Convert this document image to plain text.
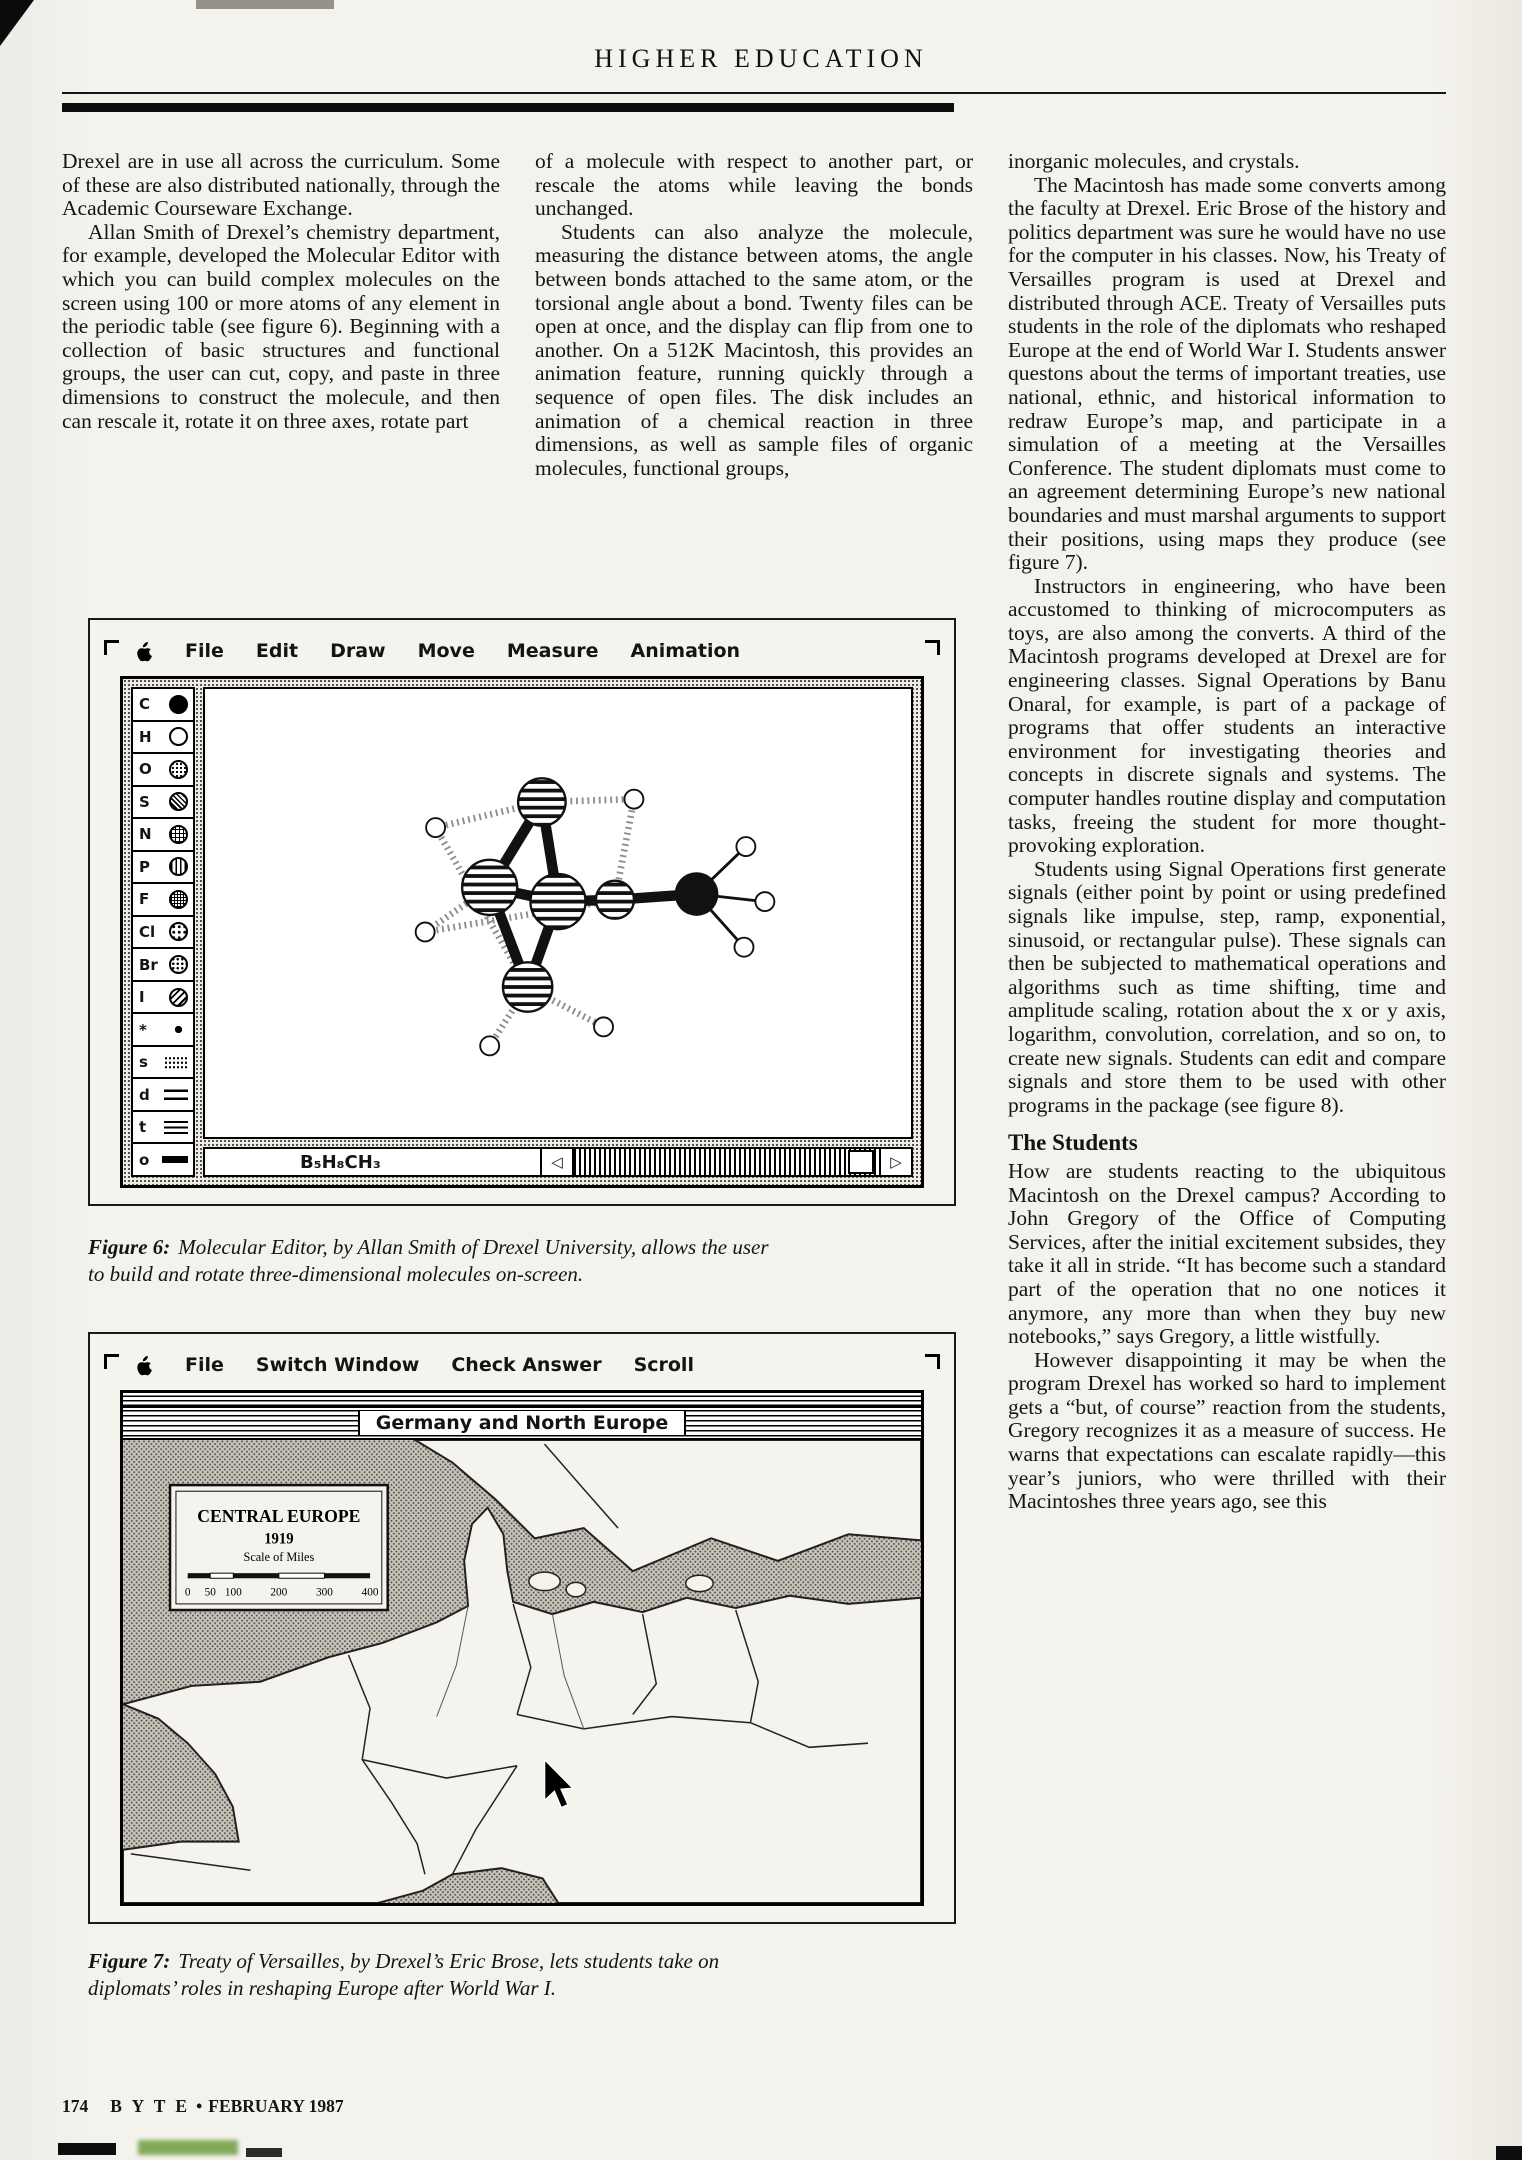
HIGHER EDUCATION

Drexel are in use all across the curriculum. Some of these are also distributed nationally, through the Academic Courseware Exchange.

Allan Smith of Drexel’s chemistry department, for example, developed the Molecular Editor with which you can build complex molecules on the screen using 100 or more atoms of any element in the periodic table (see figure 6). Beginning with a collection of basic structures and functional groups, the user can cut, copy, and paste in three dimensions to construct the molecule, and then can rescale it, rotate it on three axes, rotate part

of a molecule with respect to another part, or rescale the atoms while leaving the bonds unchanged.

Students can also analyze the molecule, measuring the distance between atoms, the angle between bonds attached to the same atom, or the torsional angle about a bond. Twenty files can be open at once, and the display can flip from one to another. On a 512K Macintosh, this provides an animation feature, running quickly through a sequence of open files. The disk includes an animation of a chemical reaction in three dimensions, as well as sample files of organic molecules, functional groups,

inorganic molecules, and crystals.

The Macintosh has made some converts among the faculty at Drexel. Eric Brose of the history and politics department was sure he would have no use for the computer in his classes. Now, his Treaty of Versailles program is used at Drexel and distributed through ACE. Treaty of Versailles puts students in the role of the diplomats who reshaped Europe at the end of World War I. Students answer questons about the terms of important treaties, use national, ethnic, and historical information to redraw Europe’s map, and participate in a simulation of a meeting at the Versailles Conference. The student diplomats must come to an agreement determining Europe’s new national boundaries and must marshal arguments to support their positions, using maps they produce (see figure 7).

Instructors in engineering, who have been accustomed to thinking of microcomputers as toys, are also among the converts. A third of the Macintosh programs developed at Drexel are for engineering classes. Signal Operations by Banu Onaral, for example, is part of a package of programs that offer students an interactive environment for investigating theories and concepts in discrete signals and systems. The computer handles routine display and computation tasks, freeing the student for more thought-provoking exploration.

Students using Signal Operations first generate signals (either point by point or using predefined signals like impulse, step, ramp, exponential, sinusoid, or rectangular pulse). These signals can then be subjected to mathematical operations and algorithms such as time shifting, time and amplitude scaling, rotation about the x or y axis, logarithm, convolution, correlation, and so on, to create new signals. Students can edit and compare signals and store them to be used with other programs in the package (see figure 8).

The Students

How are students reacting to the ubiquitous Macintosh on the Drexel campus? According to John Gregory of the Office of Computing Services, after the initial excitement subsides, they take it all in stride. “It has become such a standard part of the operation that no one notices it anymore, any more than when they buy new notebooks,” says Gregory, a little wistfully.

However disappointing it may be when the program Drexel has worked so hard to implement gets a “but, of course” reaction from the students, Gregory recognizes it as a measure of success. He warns that expectations can escalate rapidly—this year’s juniors, who were thrilled with their Macintoshes three years ago, see this

File Edit Draw Move Measure Animation
C
H
O
S
N
P
F
Cl
Br
I
*
s
d
t
o	B₅H₈CH₃	◁	▷
Figure 6: Molecular Editor, by Allan Smith of Drexel University, allows the user to build and rotate three-dimensional molecules on-screen.
File Switch Window Check Answer Scroll
Germany and North Europe
CENTRAL EUROPE
1919
Scale of Miles
0 50 100 200 300 400
Figure 7: Treaty of Versailles, by Drexel’s Eric Brose, lets students take on diplomats’ roles in reshaping Europe after World War I.
174 B Y T E • FEBRUARY 1987
